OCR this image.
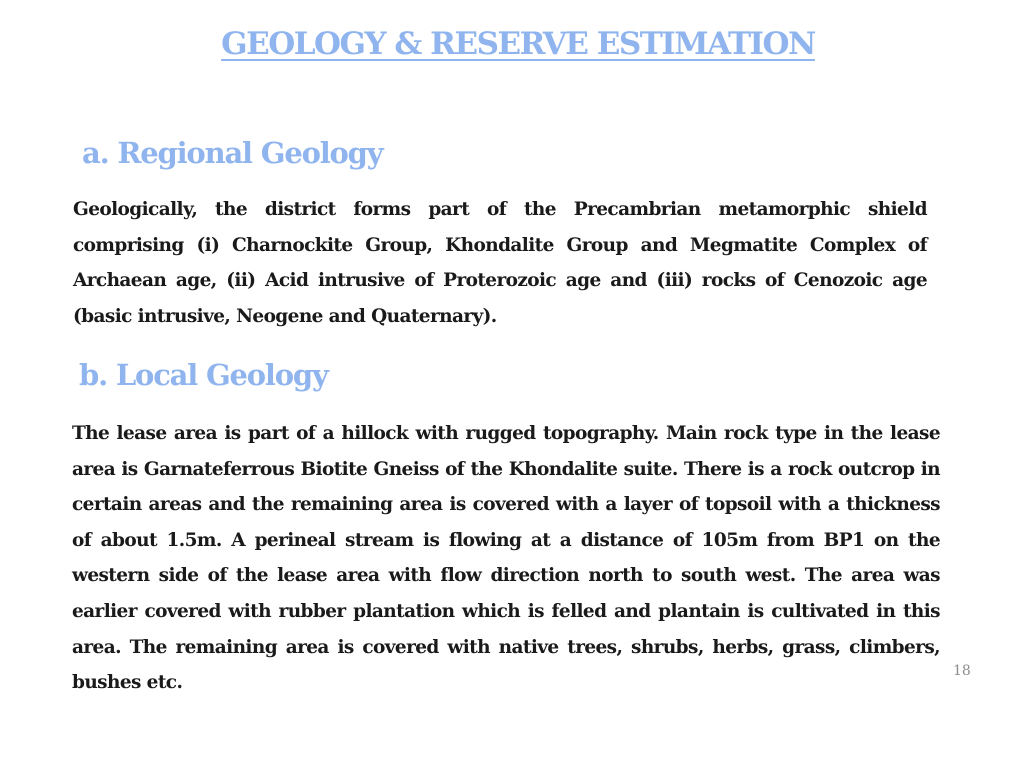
GEOLOGY & RESERVE ESTIMATION
a. Regional Geology

Geologically, the district forms part of the Precambrian metamorphic shield comprising (i) Charnockite Group, Khondalite Group and Megmatite Complex of Archaean age, (ii) Acid intrusive of Proterozoic age and (iii) rocks of Cenozoic age (basic intrusive, Neogene and Quaternary).

b. Local Geology

The lease area is part of a hillock with rugged topography. Main rock type in the lease area is Garnateferrous Biotite Gneiss of the Khondalite suite. There is a rock outcrop in certain areas and the remaining area is covered with a layer of topsoil with a thickness of about 1.5m. A perineal stream is flowing at a distance of 105m from BP1 on the western side of the lease area with flow direction north to south west. The area was earlier covered with rubber plantation which is felled and plantain is cultivated in this area. The remaining area is covered with native trees, shrubs, herbs, grass, climbers, bushes etc.

18
